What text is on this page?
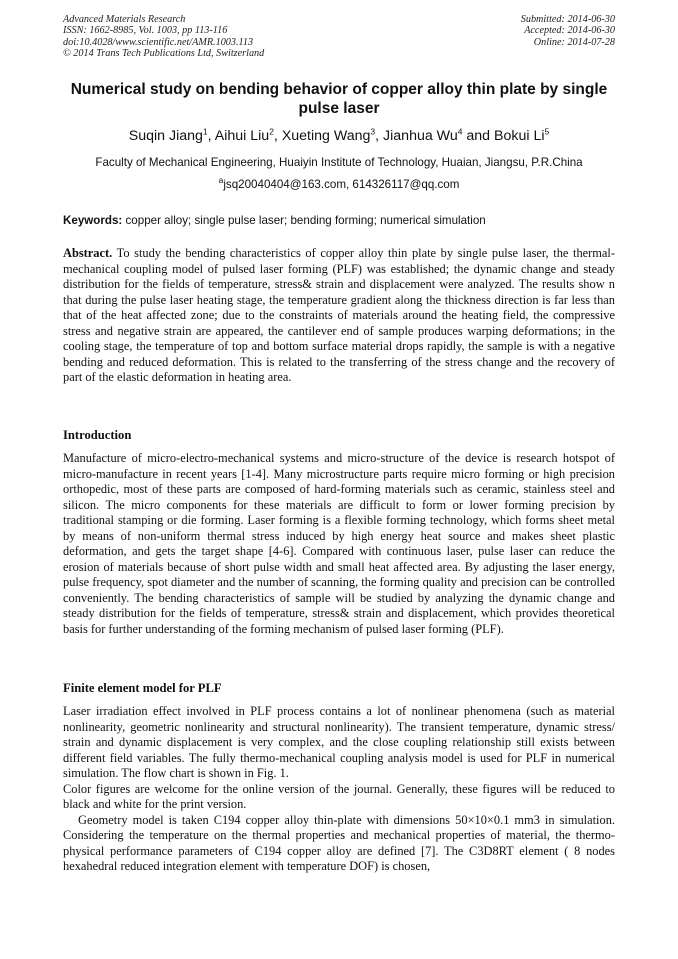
Advanced Materials Research
ISSN: 1662-8985, Vol. 1003, pp 113-116
doi:10.4028/www.scientific.net/AMR.1003.113
© 2014 Trans Tech Publications Ltd, Switzerland
Submitted: 2014-06-30
Accepted: 2014-06-30
Online: 2014-07-28
Numerical study on bending behavior of copper alloy thin plate by single pulse laser
Suqin Jiang$^1$, Aihui Liu$^2$, Xueting Wang$^3$, Jianhua Wu$^4$ and Bokui Li$^5$
Faculty of Mechanical Engineering, Huaiyin Institute of Technology, Huaian, Jiangsu, P.R.China
$^a$jsq20040404@163.com, 614326117@qq.com
Keywords: copper alloy; single pulse laser; bending forming; numerical simulation
Abstract. To study the bending characteristics of copper alloy thin plate by single pulse laser, the thermal-mechanical coupling model of pulsed laser forming (PLF) was established; the dynamic change and steady distribution for the fields of temperature, stress& strain and displacement were analyzed. The results show n that during the pulse laser heating stage, the temperature gradient along the thickness direction is far less than that of the heat affected zone; due to the constraints of materials around the heating field, the compressive stress and negative strain are appeared, the cantilever end of sample produces warping deformations; in the cooling stage, the temperature of top and bottom surface material drops rapidly, the sample is with a negative bending and reduced deformation. This is related to the transferring of the stress change and the recovery of part of the elastic deformation in heating area.
Introduction
Manufacture of micro-electro-mechanical systems and micro-structure of the device is research hotspot of micro-manufacture in recent years [1-4]. Many microstructure parts require micro forming or high precision orthopedic, most of these parts are composed of hard-forming materials such as ceramic, stainless steel and silicon. The micro components for these materials are difficult to form or lower forming precision by traditional stamping or die forming. Laser forming is a flexible forming technology, which forms sheet metal by means of non-uniform thermal stress induced by high energy heat source and makes sheet plastic deformation, and gets the target shape [4-6]. Compared with continuous laser, pulse laser can reduce the erosion of materials because of short pulse width and small heat affected area. By adjusting the laser energy, pulse frequency, spot diameter and the number of scanning, the forming quality and precision can be controlled conveniently. The bending characteristics of sample will be studied by analyzing the dynamic change and steady distribution for the fields of temperature, stress& strain and displacement, which provides theoretical basis for further understanding of the forming mechanism of pulsed laser forming (PLF).
Finite element model for PLF

Laser irradiation effect involved in PLF process contains a lot of nonlinear phenomena (such as material nonlinearity, geometric nonlinearity and structural nonlinearity). The transient temperature, dynamic stress/ strain and dynamic displacement is very complex, and the close coupling relationship still exists between different field variables. The fully thermo-mechanical coupling analysis model is used for PLF in numerical simulation. The flow chart is shown in Fig. 1.

Color figures are welcome for the online version of the journal. Generally, these figures will be reduced to black and white for the print version.

Geometry model is taken C194 copper alloy thin-plate with dimensions 50×10×0.1 mm3 in simulation. Considering the temperature on the thermal properties and mechanical properties of material, the thermo-physical performance parameters of C194 copper alloy are defined [7]. The C3D8RT element ( 8 nodes hexahedral reduced integration element with temperature DOF) is chosen,
